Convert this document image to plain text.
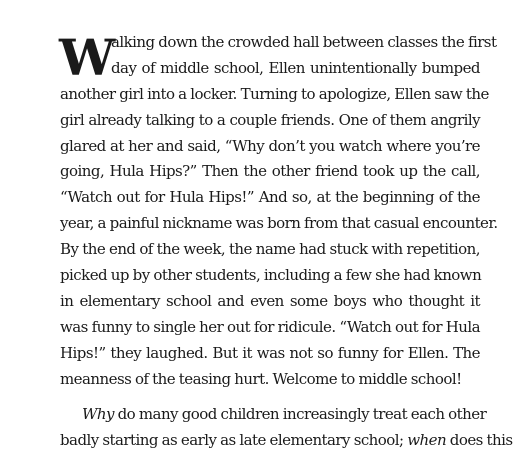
W
alking down the crowded hall between classes the first
day of middle school, Ellen unintentionally bumped
another girl into a locker. Turning to apologize, Ellen saw the
girl already talking to a couple friends. One of them angrily
glared at her and said, “Why don’t you watch where you’re
going, Hula Hips?” Then the other friend took up the call,
“Watch out for Hula Hips!” And so, at the beginning of the
year, a painful nickname was born from that casual encounter.
By the end of the week, the name had stuck with repetition,
picked up by other students, including a few she had known
in elementary school and even some boys who thought it
was funny to single her out for ridicule. “Watch out for Hula
Hips!” they laughed. But it was not so funny for Ellen. The
meanness of the teasing hurt. Welcome to middle school!
Why do many good children increasingly treat each other
badly starting as early as late elementary school; when does this
